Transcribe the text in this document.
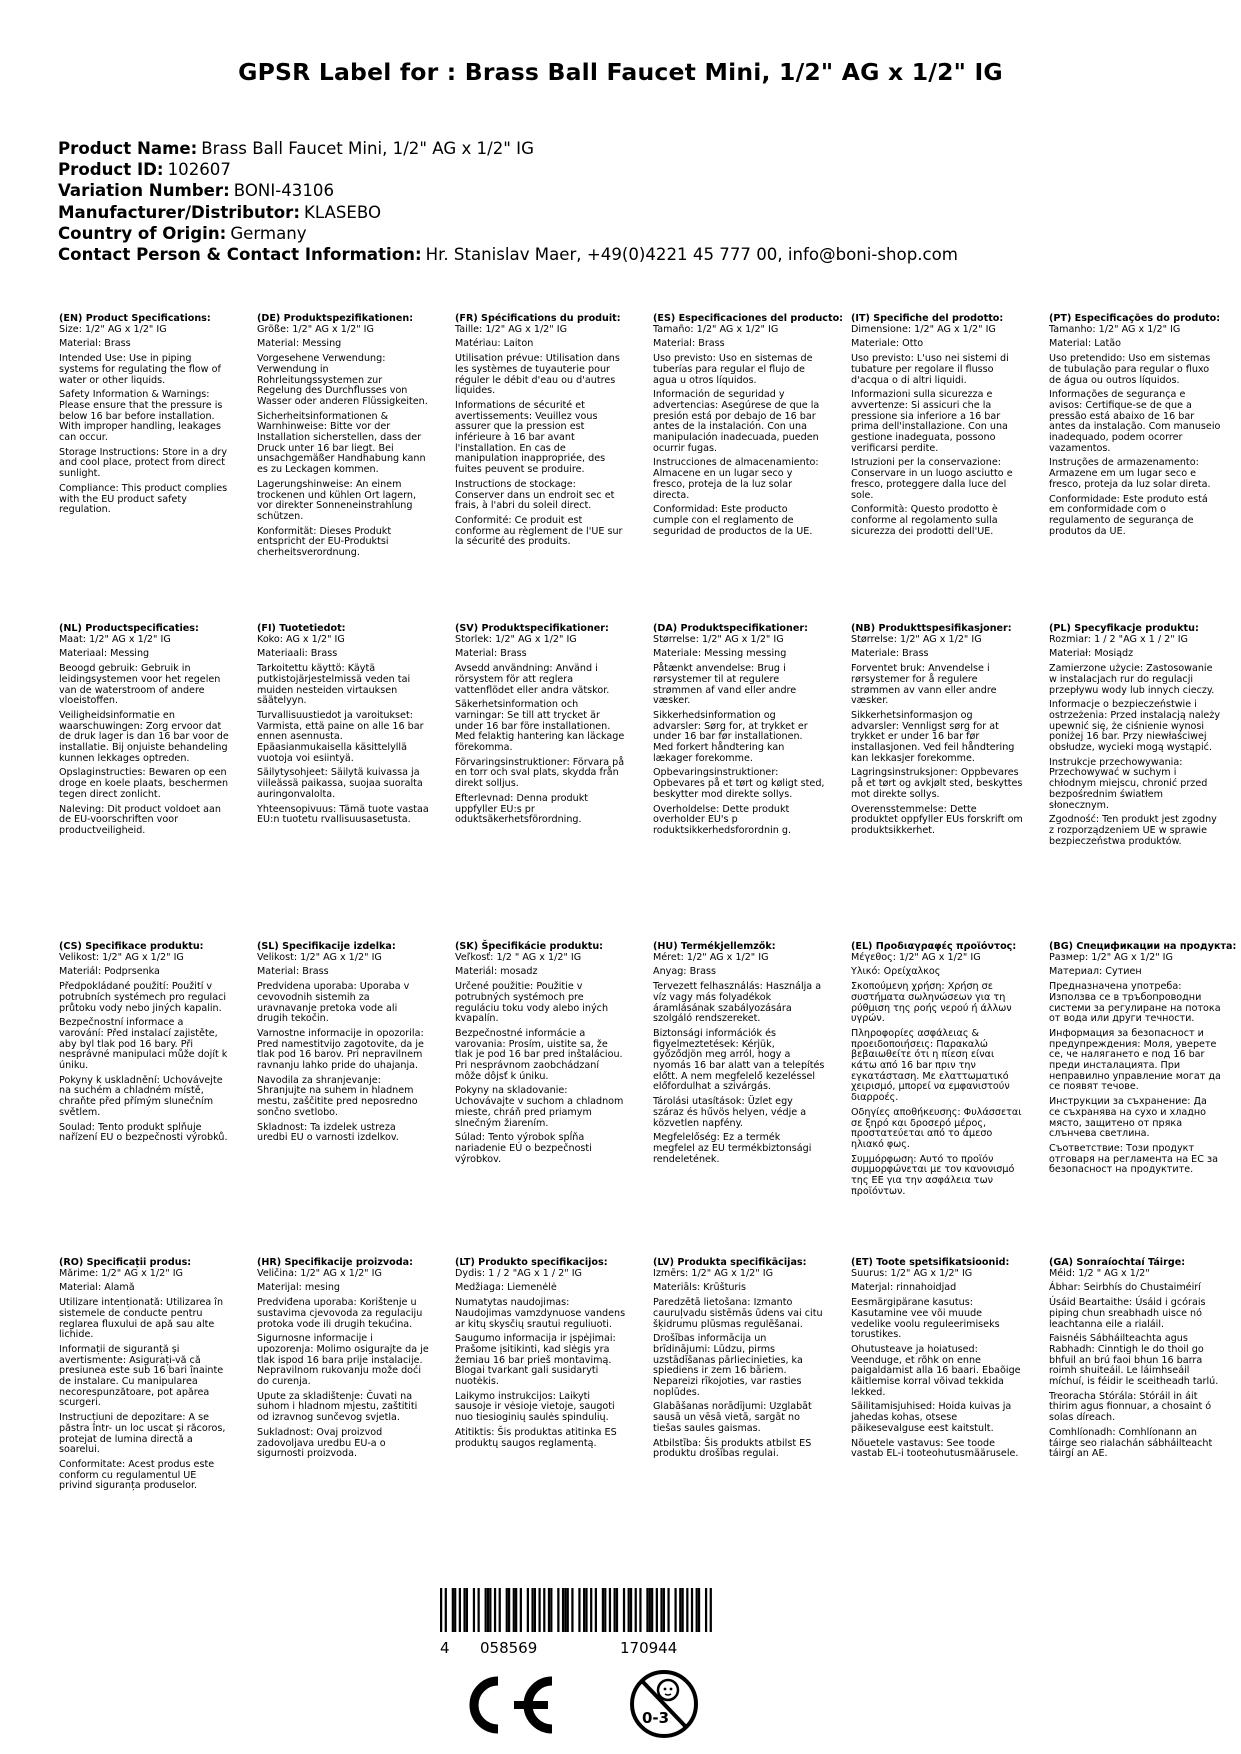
GPSR Label for : Brass Ball Faucet Mini, 1/2" AG x 1/2" IG
Product Name: Brass Ball Faucet Mini, 1/2" AG x 1/2" IG
Product ID: 102607
Variation Number: BONI-43106
Manufacturer/Distributor: KLASEBO
Country of Origin: Germany
Contact Person & Contact Information: Hr. Stanislav Maer, +49(0)4221 45 777 00, info@boni-shop.com
(EN) Product Specifications:

Size: 1/2" AG x 1/2" IG

Material: Brass

Intended Use: Use in piping systems for regulating the flow of water or other liquids.

Safety Information & Warnings: Please ensure that the pressure is below 16 bar before installation. With improper handling, leakages can occur.

Storage Instructions: Store in a dry and cool place, protect from direct sunlight.

Compliance: This product complies with the EU product safety regulation.

(DE) Produktspezifikationen:

Größe: 1/2" AG x 1/2" IG

Material: Messing

Vorgesehene Verwendung: Verwendung in Rohrleitungssystemen zur Regelung des Durchflusses von Wasser oder anderen Flüssigkeiten.

Sicherheitsinformationen & Warnhinweise: Bitte vor der Installation sicherstellen, dass der Druck unter 16 bar liegt. Bei unsachgemäßer Handhabung kann es zu Leckagen kommen.

Lagerungshinweise: An einem trockenen und kühlen Ort lagern, vor direkter Sonneneinstrahlung schützen.

Konformität: Dieses Produkt entspricht der EU-Produktsi cherheitsverordnung.

(FR) Spécifications du produit:

Taille: 1/2" AG x 1/2" IG

Matériau: Laiton

Utilisation prévue: Utilisation dans les systèmes de tuyauterie pour réguler le débit d'eau ou d'autres liquides.

Informations de sécurité et avertissements: Veuillez vous assurer que la pression est inférieure à 16 bar avant l'installation. En cas de manipulation inappropriée, des fuites peuvent se produire.

Instructions de stockage: Conserver dans un endroit sec et frais, à l'abri du soleil direct.

Conformité: Ce produit est conforme au règlement de l'UE sur la sécurité des produits.

(ES) Especificaciones del producto:

Tamaño: 1/2" AG x 1/2" IG

Material: Brass

Uso previsto: Uso en sistemas de tuberías para regular el flujo de agua u otros líquidos.

Información de seguridad y advertencias: Asegúrese de que la presión está por debajo de 16 bar antes de la instalación. Con una manipulación inadecuada, pueden ocurrir fugas.

Instrucciones de almacenamiento: Almacene en un lugar seco y fresco, proteja de la luz solar directa.

Conformidad: Este producto cumple con el reglamento de seguridad de productos de la UE.

(IT) Specifiche del prodotto:

Dimensione: 1/2" AG x 1/2" IG

Materiale: Otto

Uso previsto: L'uso nei sistemi di tubature per regolare il flusso d'acqua o di altri liquidi.

Informazioni sulla sicurezza e avvertenze: Si assicuri che la pressione sia inferiore a 16 bar prima dell'installazione. Con una gestione inadeguata, possono verificarsi perdite.

Istruzioni per la conservazione: Conservare in un luogo asciutto e fresco, proteggere dalla luce del sole.

Conformità: Questo prodotto è conforme al regolamento sulla sicurezza dei prodotti dell'UE.

(PT) Especificações do produto:

Tamanho: 1/2" AG x 1/2" IG

Material: Latão

Uso pretendido: Uso em sistemas de tubulação para regular o fluxo de água ou outros líquidos.

Informações de segurança e avisos: Certifique-se de que a pressão está abaixo de 16 bar antes da instalação. Com manuseio inadequado, podem ocorrer vazamentos.

Instruções de armazenamento: Armazene em um lugar seco e fresco, proteja da luz solar direta.

Conformidade: Este produto está em conformidade com o regulamento de segurança de produtos da UE.

(NL) Productspecificaties:

Maat: 1/2" AG x 1/2" IG

Materiaal: Messing

Beoogd gebruik: Gebruik in leidingsystemen voor het regelen van de waterstroom of andere vloeistoffen.

Veiligheidsinformatie en waarschuwingen: Zorg ervoor dat de druk lager is dan 16 bar voor de installatie. Bij onjuiste behandeling kunnen lekkages optreden.

Opslaginstructies: Bewaren op een droge en koele plaats, beschermen tegen direct zonlicht.

Naleving: Dit product voldoet aan de EU-voorschriften voor productveiligheid.

(FI) Tuotetiedot:

Koko: AG x 1/2" IG

Materiaali: Brass

Tarkoitettu käyttö: Käytä putkistojärjestelmissä veden tai muiden nesteiden virtauksen säätelyyn.

Turvallisuustiedot ja varoitukset: Varmista, että paine on alle 16 bar ennen asennusta. Epäasianmukaisella käsittelyllä vuotoja voi esiintyä.

Säilytysohjeet: Säilytä kuivassa ja viileässä paikassa, suojaa suoralta auringonvalolta.

Yhteensopivuus: Tämä tuote vastaa EU:n tuotetu rvallisuusasetusta.

(SV) Produktspecifikationer:

Storlek: 1/2" AG x 1/2" IG

Material: Brass

Avsedd användning: Använd i rörsystem för att reglera vattenflödet eller andra vätskor.

Säkerhetsinformation och varningar: Se till att trycket är under 16 bar före installationen. Med felaktig hantering kan läckage förekomma.

Förvaringsinstruktioner: Förvara på en torr och sval plats, skydda från direkt solljus.

Efterlevnad: Denna produkt uppfyller EU:s pr oduktsäkerhetsförordning.

(DA) Produktspecifikationer:

Størrelse: 1/2" AG x 1/2" IG

Materiale: Messing messing

Påtænkt anvendelse: Brug i rørsystemer til at regulere strømmen af vand eller andre væsker.

Sikkerhedsinformation og advarsler: Sørg for, at trykket er under 16 bar før installationen. Med forkert håndtering kan lækager forekomme.

Opbevaringsinstruktioner: Opbevares på et tørt og køligt sted, beskytter mod direkte sollys.

Overholdelse: Dette produkt overholder EU's p roduktsikkerhedsforordnin g.

(NB) Produkttspesifikasjoner:

Størrelse: 1/2" AG x 1/2" IG

Materiale: Brass

Forventet bruk: Anvendelse i rørsystemer for å regulere strømmen av vann eller andre væsker.

Sikkerhetsinformasjon og advarsler: Vennligst sørg for at trykket er under 16 bar før installasjonen. Ved feil håndtering kan lekkasjer forekomme.

Lagringsinstruksjoner: Oppbevares på et tørt og avkjølt sted, beskyttes mot direkte sollys.

Overensstemmelse: Dette produktet oppfyller EUs forskrift om produktsikkerhet.

(PL) Specyfikacje produktu:

Rozmiar: 1 / 2 "AG x 1 / 2" IG

Materiał: Mosiądz

Zamierzone użycie: Zastosowanie w instalacjach rur do regulacji przepływu wody lub innych cieczy.

Informacje o bezpieczeństwie i ostrzeżenia: Przed instalacją należy upewnić się, że ciśnienie wynosi poniżej 16 bar. Przy niewłaściwej obsłudze, wycieki mogą wystąpić.

Instrukcje przechowywania: Przechowywać w suchym i chłodnym miejscu, chronić przed bezpośrednim światłem słonecznym.

Zgodność: Ten produkt jest zgodny z rozporządzeniem UE w sprawie bezpieczeństwa produktów.

(CS) Specifikace produktu:

Velikost: 1/2" AG x 1/2" IG

Materiál: Podprsenka

Předpokládané použití: Použití v potrubních systémech pro regulaci průtoku vody nebo jiných kapalin.

Bezpečnostní informace a varování: Před instalací zajistěte, aby byl tlak pod 16 bary. Při nesprávné manipulaci může dojít k úniku.

Pokyny k uskladnění: Uchovávejte na suchém a chladném místě, chraňte před přímým slunečním světlem.

Soulad: Tento produkt splňuje nařízení EU o bezpečnosti výrobků.

(SL) Specifikacije izdelka:

Velikost: 1/2" AG x 1/2" IG

Material: Brass

Predvidena uporaba: Uporaba v cevovodnih sistemih za uravnavanje pretoka vode ali drugih tekočin.

Varnostne informacije in opozorila: Pred namestitvijo zagotovite, da je tlak pod 16 barov. Pri nepravilnem ravnanju lahko pride do uhajanja.

Navodila za shranjevanje: Shranjujte na suhem in hladnem mestu, zaščitite pred neposredno sončno svetlobo.

Skladnost: Ta izdelek ustreza uredbi EU o varnosti izdelkov.

(SK) Špecifikácie produktu:

Veľkosť: 1/2 " AG x 1/2" IG

Materiál: mosadz

Určené použitie: Použitie v potrubných systémoch pre reguláciu toku vody alebo iných kvapalín.

Bezpečnostné informácie a varovania: Prosím, uistite sa, že tlak je pod 16 bar pred inštaláciou. Pri nesprávnom zaobchádzaní môže dôjsť k úniku.

Pokyny na skladovanie: Uchovávajte v suchom a chladnom mieste, chráň pred priamym slnečným žiarením.

Súlad: Tento výrobok spĺňa nariadenie EÚ o bezpečnosti výrobkov.

(HU) Termékjellemzők:

Méret: 1/2" AG x 1/2" IG

Anyag: Brass

Tervezett felhasználás: Használja a víz vagy más folyadékok áramlásának szabályozására szolgáló rendszereket.

Biztonsági információk és figyelmeztetések: Kérjük, győződjön meg arról, hogy a nyomás 16 bar alatt van a telepítés előtt. A nem megfelelő kezeléssel előfordulhat a szivárgás.

Tárolási utasítások: Üzlet egy száraz és hűvös helyen, védje a közvetlen napfény.

Megfelelőség: Ez a termék megfelel az EU termékbiztonsági rendeletének.

(EL) Προδιαγραφές προϊόντος:

Μέγεθος: 1/2" AG x 1/2" IG

Υλικό: Ορείχαλκος

Σκοπούμενη χρήση: Χρήση σε συστήματα σωληνώσεων για τη ρύθμιση της ροής νερού ή άλλων υγρών.

Πληροφορίες ασφάλειας & προειδοποιήσεις: Παρακαλώ βεβαιωθείτε ότι η πίεση είναι κάτω από 16 bar πριν την εγκατάσταση. Με ελαττωματικό χειρισμό, μπορεί να εμφανιστούν διαρροές.

Οδηγίες αποθήκευσης: Φυλάσσεται σε ξηρό και δροσερό μέρος, προστατεύεται από το άμεσο ηλιακό φως.

Συμμόρφωση: Αυτό το προϊόν συμμορφώνεται με τον κανονισμό της ΕΕ για την ασφάλεια των προϊόντων.

(BG) Спецификации на продукта:

Размер: 1/2" AG x 1/2" IG

Материал: Сутиен

Предназначена употреба: Използва се в тръбопроводни системи за регулиране на потока от вода или други течности.

Информация за безопасност и предупреждения: Моля, уверете се, че налягането е под 16 bar преди инсталацията. При неправилно управление могат да се появят течове.

Инструкции за съхранение: Да се съхранява на сухо и хладно място, защитено от пряка слънчева светлина.

Съответствие: Този продукт отговаря на регламента на ЕС за безопасност на продуктите.

(RO) Specificații produs:

Mărime: 1/2" AG x 1/2" IG

Material: Alamă

Utilizare intenționată: Utilizarea în sistemele de conducte pentru reglarea fluxului de apă sau alte lichide.

Informații de siguranță și avertismente: Asigurați-vă că presiunea este sub 16 bari înainte de instalare. Cu manipularea necorespunzătoare, pot apărea scurgeri.

Instrucțiuni de depozitare: A se păstra într- un loc uscat și răcoros, protejat de lumina directă a soarelui.

Conformitate: Acest produs este conform cu regulamentul UE privind siguranța produselor.

(HR) Specifikacije proizvoda:

Veličina: 1/2" AG x 1/2" IG

Materijal: mesing

Predviđena uporaba: Korištenje u sustavima cjevovoda za regulaciju protoka vode ili drugih tekućina.

Sigurnosne informacije i upozorenja: Molimo osigurajte da je tlak ispod 16 bara prije instalacije. Nepravilnom rukovanju može doći do curenja.

Upute za skladištenje: Čuvati na suhom i hladnom mjestu, zaštititi od izravnog sunčevog svjetla.

Sukladnost: Ovaj proizvod zadovoljava uredbu EU-a o sigurnosti proizvoda.

(LT) Produkto specifikacijos:

Dydis: 1 / 2 "AG x 1 / 2" IG

Medžiaga: Liemenėlė

Numatytas naudojimas: Naudojimas vamzdynuose vandens ar kitų skysčių srautui reguliuoti.

Saugumo informacija ir įspėjimai: Prašome įsitikinti, kad slėgis yra žemiau 16 bar prieš montavimą. Blogai tvarkant gali susidaryti nuotėkis.

Laikymo instrukcijos: Laikyti sausoje ir vėsioje vietoje, saugoti nuo tiesioginių saulės spindulių.

Atitiktis: Šis produktas atitinka ES produktų saugos reglamentą.

(LV) Produkta specifikācijas:

Izmērs: 1/2" AG x 1/2" IG

Materiāls: Krūšturis

Paredzētā lietošana: Izmanto cauruļvadu sistēmās ūdens vai citu šķidrumu plūsmas regulēšanai.

Drošības informācija un brīdinājumi: Lūdzu, pirms uzstādīšanas pārliecinieties, ka spiediens ir zem 16 bāriem. Nepareizi rīkojoties, var rasties noplūdes.

Glabāšanas norādījumi: Uzglabāt sausā un vēsā vietā, sargāt no tiešas saules gaismas.

Atbilstība: Šis produkts atbilst ES produktu drošības regulai.

(ET) Toote spetsifikatsioonid:

Suurus: 1/2" AG x 1/2" IG

Materjal: rinnahoidjad

Eesmärgipärane kasutus: Kasutamine vee või muude vedelike voolu reguleerimiseks torustikes.

Ohutusteave ja hoiatused: Veenduge, et rõhk on enne paigaldamist alla 16 baari. Ebaõige käitlemise korral võivad tekkida lekked.

Säilitamisjuhised: Hoida kuivas ja jahedas kohas, otsese päikesevalguse eest kaitstult.

Nõuetele vastavus: See toode vastab EL-i tooteohutusmäärusele.

(GA) Sonraíochtaí Táirge:

Méid: 1/2 " AG x 1/2"

Ábhar: Seirbhís do Chustaiméirí

Úsáid Beartaithe: Úsáid i gcórais piping chun sreabhadh uisce nó leachtanna eile a rialáil.

Faisnéis Sábháilteachta agus Rabhadh: Cinntigh le do thoil go bhfuil an brú faoi bhun 16 barra roimh shuiteáil. Le láimhseáil míchuí, is féidir le sceitheadh tarlú.

Treoracha Stórála: Stóráil in áit thirim agus fionnuar, a chosaint ó solas díreach.

Comhlíonadh: Comhlíonann an táirge seo rialachán sábháilteacht táirgí an AE.

4 058569	170944
0-3
